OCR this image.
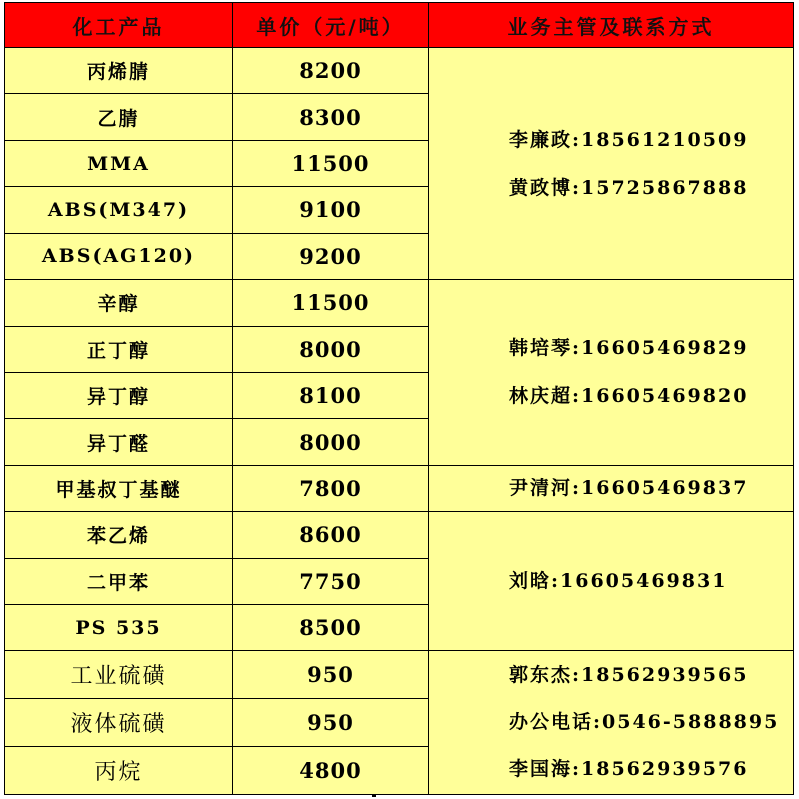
化工产品	单价（元/吨）	业务主管及联系方式
丙烯腈	8200	李廉政:18561210509
黄政博:15725867888

乙腈	8300	
MMA	11500	
ABS(M347)	9100	
ABS(AG120)	9200	
辛醇	11500	韩培琴:16605469829
林庆超:16605469820

正丁醇	8000	
异丁醇	8100	
异丁醛	8000	
甲基叔丁基醚	7800	尹清河:16605469837

苯乙烯	8600	刘晗:16605469831

二甲苯	7750	
PS 535	8500	
工业硫磺	950	郭东杰:18562939565
办公电话:0546-5888895
李国海:18562939576

液体硫磺	950	
丙烷	4800	
